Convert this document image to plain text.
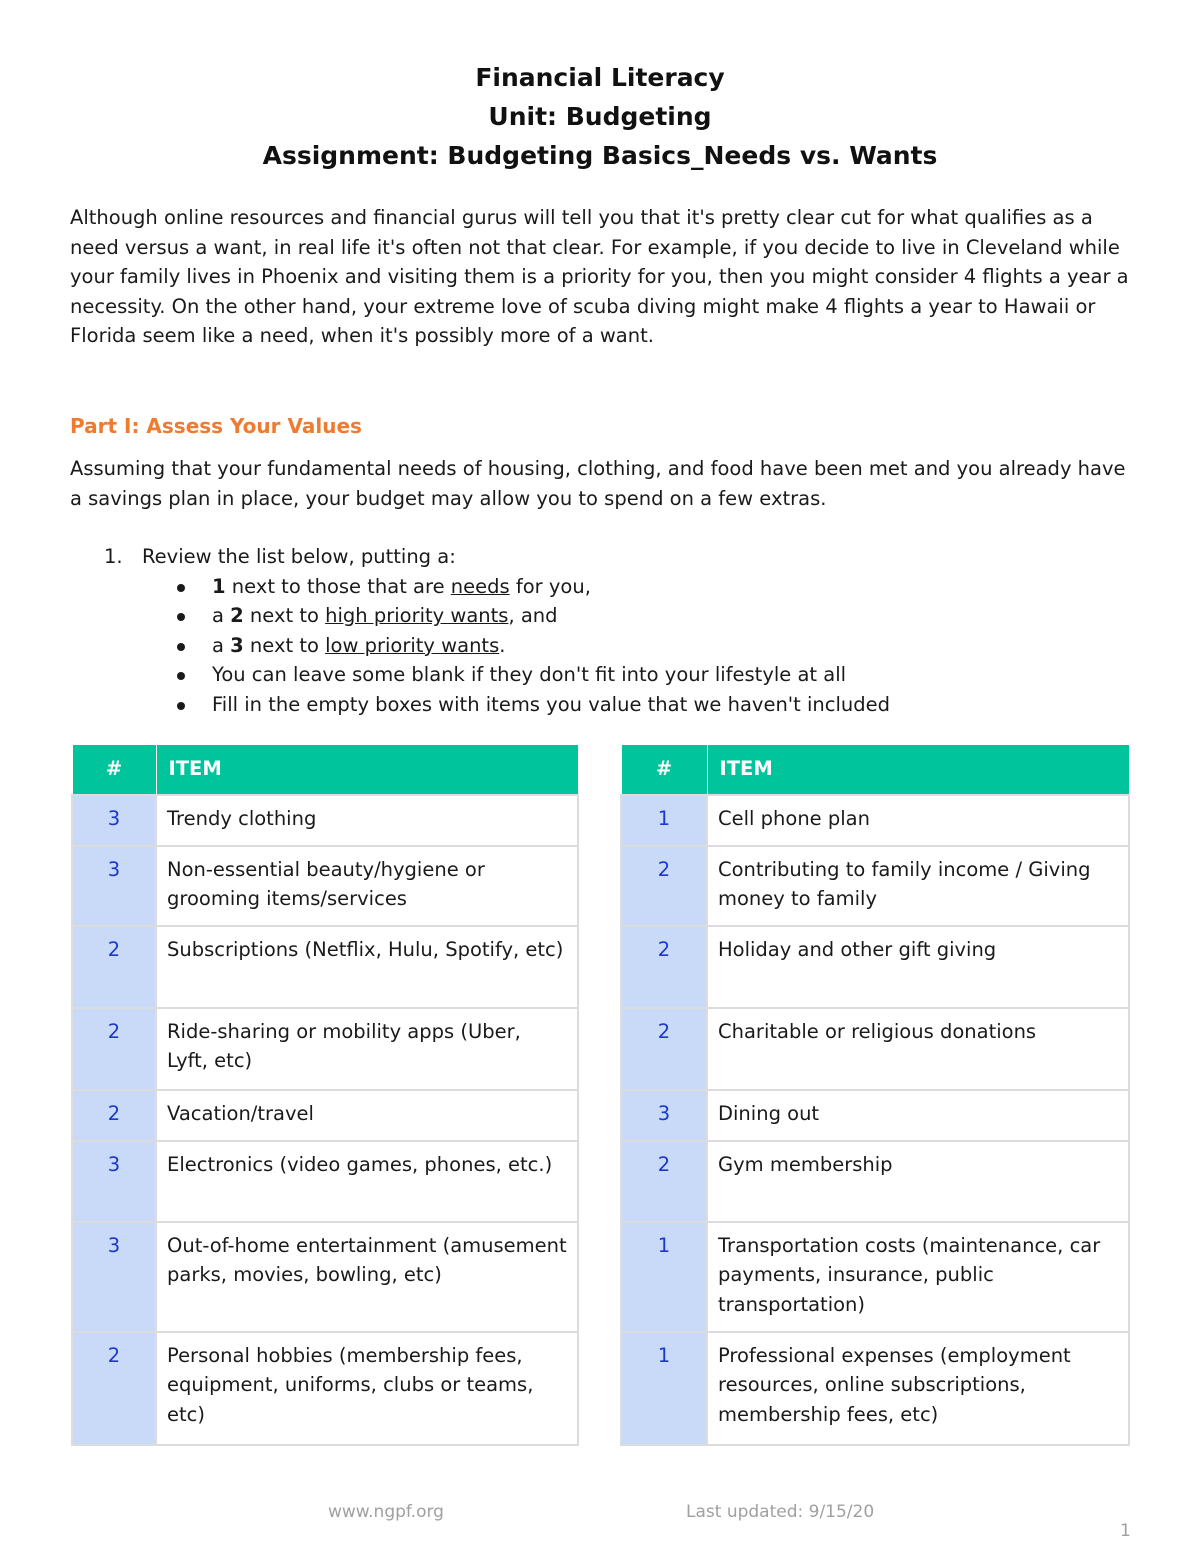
Financial Literacy
Unit: Budgeting
Assignment: Budgeting Basics_Needs vs. Wants

Although online resources and financial gurus will tell you that it's pretty clear cut for what qualifies as a need versus a want, in real life it's often not that clear. For example, if you decide to live in Cleveland while your family lives in Phoenix and visiting them is a priority for you, then you might consider 4 flights a year a necessity. On the other hand, your extreme love of scuba diving might make 4 flights a year to Hawaii or Florida seem like a need, when it's possibly more of a want.

Part I: Assess Your Values

Assuming that your fundamental needs of housing, clothing, and food have been met and you already have a savings plan in place, your budget may allow you to spend on a few extras.

1. Review the list below, putting a:
1 next to those that are needs for you,
a 2 next to high priority wants, and
a 3 next to low priority wants.
You can leave some blank if they don't fit into your lifestyle at all
Fill in the empty boxes with items you value that we haven't included
#	ITEM
3	Trendy clothing
3	Non-essential beauty/hygiene or grooming items/services
2	Subscriptions (Netflix, Hulu, Spotify, etc)
2	Ride-sharing or mobility apps (Uber, Lyft, etc)
2	Vacation/travel
3	Electronics (video games, phones, etc.)
3	Out-of-home entertainment (amusement parks, movies, bowling, etc)
2	Personal hobbies (membership fees, equipment, uniforms, clubs or teams, etc)
#	ITEM
1	Cell phone plan
2	Contributing to family income / Giving money to family
2	Holiday and other gift giving
2	Charitable or religious donations
3	Dining out
2	Gym membership
1	Transportation costs (maintenance, car payments, insurance, public transportation)
1	Professional expenses (employment resources, online subscriptions, membership fees, etc)
www.ngpf.org	Last updated: 9/15/20
1
